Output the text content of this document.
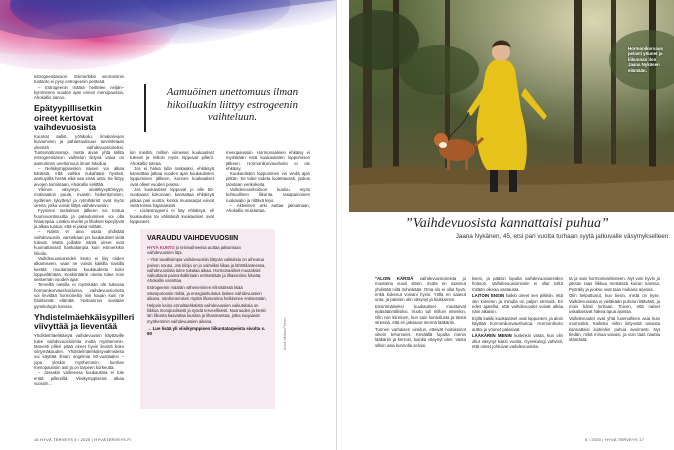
estrogeenitasoon. Esimerkiksi serotoniinin tuotanto ei pysy estrogeenin perässä.

– Estrogeenin määrä heittelee neljän–kymmenen vuoden ajan ennen menopaussia, Ahokallio sanoo.

Epätyypillisetkin oireet kertovat vaihdevuosista

Kuumat aallot, yöhikoilu, limakalvojen kuivuminen ja pahantuulisuus tunnistetaan yleensä vaihdevuosioireiksi. Tuntemattomampi, mutta aivan yhtä tallita estrogeenitason vaihtelun liittyvä vaiva on aamuöinen unettomuus ilman hikoilua.

– Neliskymppisenkin naisen voi alkaa käräistä, että vaihka nukahtaisi hyvästi, aamuyöllä herää eikä saa enää unta. Se liittyy aivojen toimintaan, Ahokallio selittää.

Yleinen väsymys, aloitekyvyttömyys, motivaation puute, muistin heikentyminen, sydämen tykyttelyt ja rytmihäiriöt ovat myös oireita, jotka voivat liittyä vaihdevuosiin.

Fyysinen rasituksen jälkeen voi tuntua huonovointisuutta ja palautuminen voi olla hitaampaa. Lisäksi nivelet ja lihakset kipeytyvät ja alkaa tuntua, että ei jaksa mitään.

– Nämä ei aina osata yhdistää vaihdevuosiin, varsinkaan jos kuukautiset vielä tulevat. Mutta joillakin nämä oireet ovat huomattavasti hankalampia kuin esimerkiksi hikoilu.

Vaihdevuosioireiden kesto ei liity niiden alkamiseen, vaan ne voivat kaikilla naisilla kestää muutamasta kuukaudesta koko loppuelämään. Keskimäärin oireita tulee noin seitsemän vuoden ajan.

Terveillä naisilla ei myöskään ole tukevaa hormonikorvaushoidossa, vaihdevuosioireita voi lievittää hormoneilla niin kauan kuin ne häiritsevät elämää. Hoitoannos sovitaan gynekologin kanssa.

Yhdistelmäehkäisypilleri viivyttää ja lieventää

Yhdistelmäehkäisyä vaihdevuosiin käyttäville tulee vaihdevuosioireita mutta myöhemmin. Monesti pilleri pitää oireet hyvin lievinä koko siirtymäkauden. Yhdistelmäehkäisyvalmisteita voi käyttää ilman ongelmia 50-vuotiaaksi – jopa ylöskin myöhemmin, kunhan menopaussiin asti ja on tarpeen korkeutta.

– Jossakin vaiheessa kuukautisia ei tule enää pillereillä. Viisikymppisenä alkaa vuosiiin…

Aamuöinen unettomuus ilman hikoiluakin liittyy estrogeenin vaihteluun.

kin miettiä, milloin viimeiset kuukautiset tulevat ja milloin myös loppuvat pillerit. Ahokallio toteaa.

Jos ei halua tulla raskaaksi, ehkäisyä kannattaa jatkaa vuoden ajan kuukautisten loppumisen jälkeen, kunnes kuukautiset ovat olleet vuoden poissa.

Jos kuukautiset loppuvat jo alle 50-vuotiaana kokonaan, kannattaa ehkäisyä jatkaa pari vuotta, koska munasarjat voivat vielä toimia hajanaisesti.

– Lisäestrogeeni ei käy ehkäisyä, eli kuukautisia tai välinäisiä kuukautiset ovat loppuneet.

menopaussiin. Hormonaalinen ehkäisy ei myöskään estä kuukautisten loppumisen jälkeen. Hormonikorvaushoito ei ole ehkäisy.

Kuukautisten loppuminen voi viedä ajan pitkän. Se tulee todeta luotettavasti, joskus tarvitaan verikokeita.

Vaihdevuosihoitoon kuuluu myös kohtuullinen liikunta, tasapainoinen ruokavalio ja riittävä lepo.

– Aktiivinen arki auttaa jaksamaan, Ahokallio muistuttaa.

VARAUDU VAIHDEVUOSIIN

HYVÄ KUNTO jo teinivaiheessa auttaa jaksamaan vaihdevuosien läpi.

– Yksi tavallisimpia vaihdevuosiin liittyviä valituksia on aiheutua painon nousu. Jos kiloja on jo valmiiksi liikaa ja lähtötilanteessa, vaihdevuosista tulee tukalaa aikaa. Hormonaaliset muutokset vaikuttavat painonhallintaan entisestään ja lihasvoima häviää, Ahokallio varoittaa.

Estrogeenin määrän väheneminen elimistössä lisää osteoporoosin riskiä, ja energiankulutus laskee vaihdevuosien aikana. Vanhenemisen myötä lihasvoima heikkenee entisestään.

Helpoin keino ennaltaehkäistä vaihdevuosien vaikutuksia on liikkua monipuolisesti ja syödä terveellisesti. Nuoruuden ja keski-iän liikunta kasvattaa luustoa ja lihasmassaa, jotka suojaavat myöhemmin vaihdevuosien aikana.

→ Lue lisää yli viisikymppisen liikuntatarpeista sivulta s. 60	Kuva: Miikka Pirinen
16 HYVÄ TERVEYS 5 / 2020 | HYVÄTERVEYS.FI
Hormonikorvaus pelasti yöunet ja liikunnan ilon Jaana Nykäsen elämään.
”Vaihdevuosista kannattaisi puhua”
Jaana Nykänen, 45, etsi pari vuotta turhaan syytä jatkuvalle väsymykselleen.

”ALOIN KÄRSIÄ vaihdevuosioireista jo muutama vuosi sitten, mutta en osannut yhdistää niitä mihinkään. Oma olo ei ollut hyvä, enkä kokenut voivani hyvin. Yöllä en saanut unta, ja päivisin olin väsynyt ja kiukkuinen.

Ensimmäiseksi kuukautiset muuttuivat epäsäännöllisiksi. Vuoto tuli milloin mitenkin. Olin niin kiireinen, kun sain kuntoilusta ja töistä stressiä, että en jaksanut mennä lääkäriin.

Tunnen varhaisen oireilun, etteivät hoitokeinot oikein tehonneet. Keväällä lopulta menin lääkäriin ja kerroin, kuinka väsynyt olen. Vasta silloin asia kunnolla selvisi.

kseni, ja pääsin lopulta vaihdevuosioireiden hoitoon. Vaihdevuosioireisiin ei ollut tullut mitään oikeaa vastausta.

LAITOIN ENSIN kaikki oireet sen piikkiin, että olin kiireinen ja minulla on paljon stressiä. En edes ajatellut, että vaihdevuodet voivat alkaa näin aikaisin.

Eiyllä kaikki kuukautiset ovat loppuneet, ja aloin käyttää hormonikorvaushoitoa. Hormonihoito auttoi ja yöunet palasivat.

LÄÄKÄRIIN MENIN kuitenkin vasta, kun olin ollut väsynyt kaksi vuotta. Gynekologi vahvisti, että oireet johtuivat vaihdevuosista.

tä ja sain hormonivalmisteen. Nyt voin hyvin ja jaksan taas liikkua metsässä koiran kanssa. Pyöräily ja juoksu ovat taas mukana arjessa.

Olin helpottunut, kun tiesin, mistä on kyse. Vaihdevuosista ei vieläkään puhuta riittävästi, ja moni kärsii turhaan. Toivon, että naiset uskaltaisivat hakea apua ajoissa.

Vaihdevuodet ovat yhtä luonnollinen asia kuin murrosikä. Kaikista niihin liittyvistä asioista kannattaisi kuitenkin puhua avoimesti. Nyt tiedän, mikä minua vaivasi, ja voin taas nauttia elämästä.

5 / 2020 | HYVÄ TERVEYS 17
